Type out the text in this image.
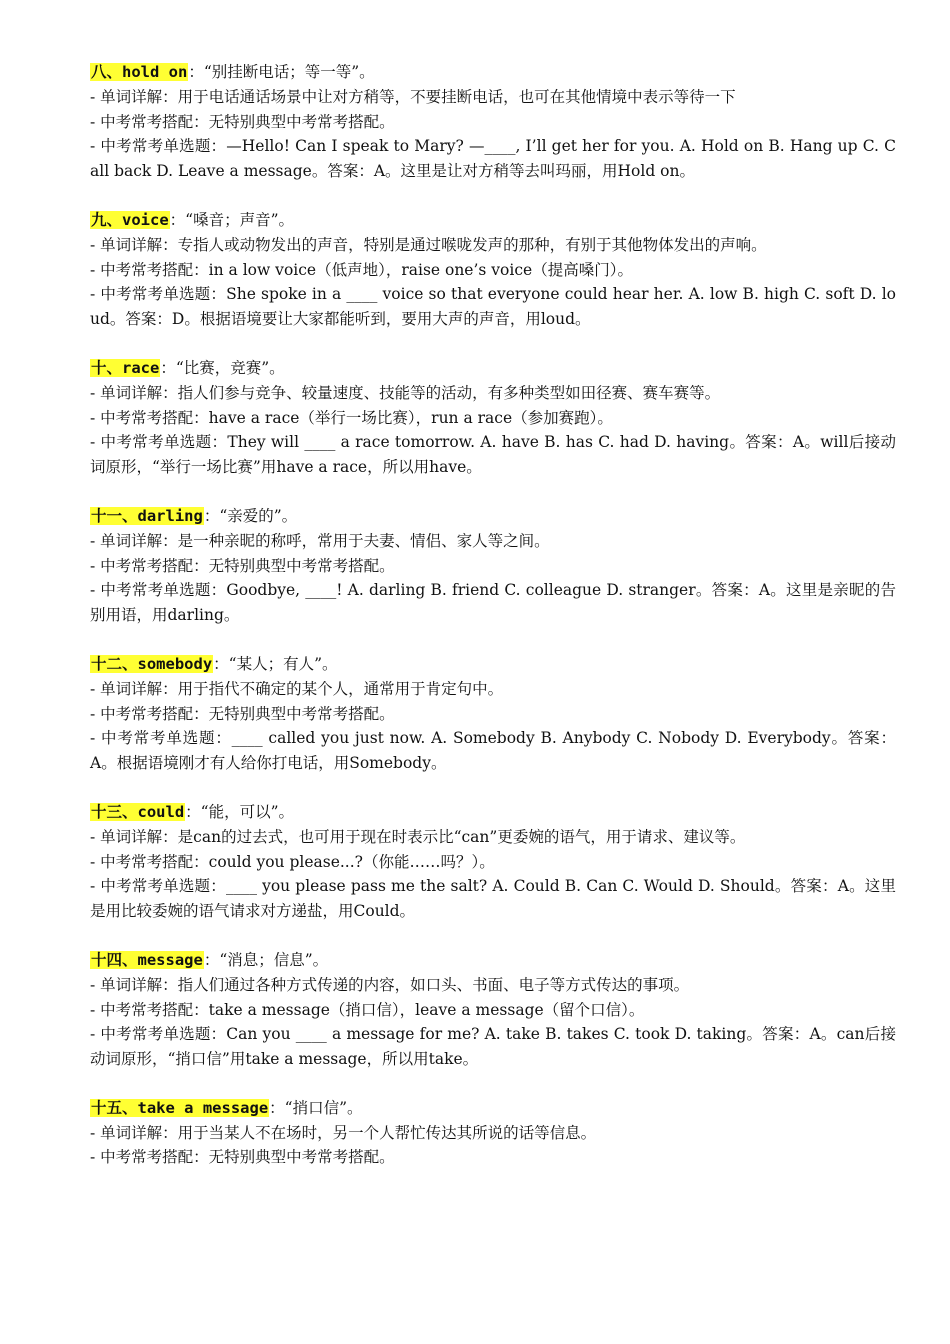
八、hold on：“别挂断电话；等一等”。

- 单词详解：用于电话通话场景中让对方稍等，不要挂断电话，也可在其他情境中表示等待一下

- 中考常考搭配：无特别典型中考常考搭配。

- 中考常考单选题：—Hello! Can I speak to Mary? —____, I’ll get her for you. A. Hold on B. Hang up C. Call back D. Leave a message。答案：A。这里是让对方稍等去叫玛丽，用Hold on。

九、voice：“嗓音；声音”。

- 单词详解：专指人或动物发出的声音，特别是通过喉咙发声的那种，有别于其他物体发出的声响。

- 中考常考搭配：in a low voice（低声地），raise one’s voice（提高嗓门）。

- 中考常考单选题：She spoke in a ____ voice so that everyone could hear her. A. low B. high C. soft D. loud。答案：D。根据语境要让大家都能听到，要用大声的声音，用loud。

十、race：“比赛，竞赛”。

- 单词详解：指人们参与竞争、较量速度、技能等的活动，有多种类型如田径赛、赛车赛等。

- 中考常考搭配：have a race（举行一场比赛），run a race（参加赛跑）。

- 中考常考单选题：They will ____ a race tomorrow. A. have B. has C. had D. having。答案：A。will后接动词原形，“举行一场比赛”用have a race，所以用have。

十一、darling：“亲爱的”。

- 单词详解：是一种亲昵的称呼，常用于夫妻、情侣、家人等之间。

- 中考常考搭配：无特别典型中考常考搭配。

- 中考常考单选题：Goodbye, ____! A. darling B. friend C. colleague D. stranger。答案：A。这里是亲昵的告别用语，用darling。

十二、somebody：“某人；有人”。

- 单词详解：用于指代不确定的某个人，通常用于肯定句中。

- 中考常考搭配：无特别典型中考常考搭配。

- 中考常考单选题：____ called you just now. A. Somebody B. Anybody C. Nobody D. Everybody。答案：A。根据语境刚才有人给你打电话，用Somebody。

十三、could：“能，可以”。

- 单词详解：是can的过去式，也可用于现在时表示比“can”更委婉的语气，用于请求、建议等。

- 中考常考搭配：could you please...?（你能……吗？）。

- 中考常考单选题：____ you please pass me the salt? A. Could B. Can C. Would D. Should。答案：A。这里是用比较委婉的语气请求对方递盐，用Could。

十四、message：“消息；信息”。

- 单词详解：指人们通过各种方式传递的内容，如口头、书面、电子等方式传达的事项。

- 中考常考搭配：take a message（捎口信），leave a message（留个口信）。

- 中考常考单选题：Can you ____ a message for me? A. take B. takes C. took D. taking。答案：A。can后接动词原形，“捎口信”用take a message，所以用take。

十五、take a message：“捎口信”。

- 单词详解：用于当某人不在场时，另一个人帮忙传达其所说的话等信息。

- 中考常考搭配：无特别典型中考常考搭配。
